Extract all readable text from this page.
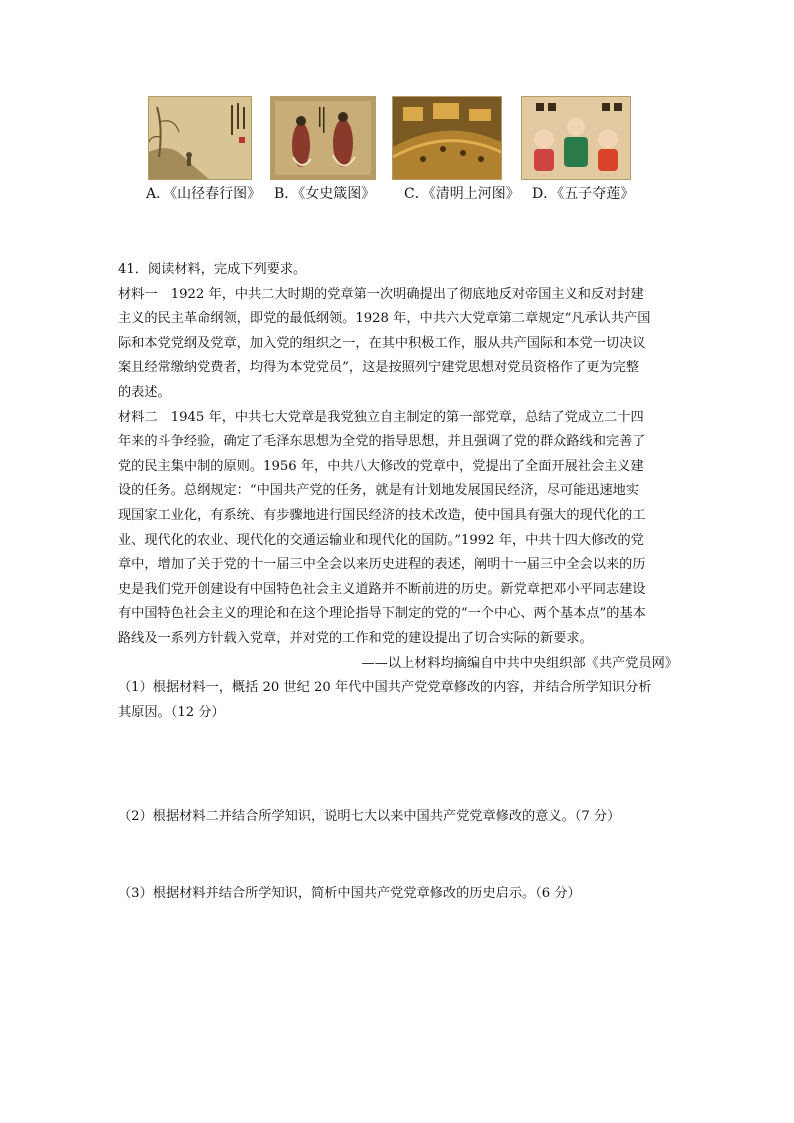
A．《山径春行图》 B．《女史箴图》 C．《清明上河图》 D．《五子夺莲》
41．阅读材料，完成下列要求。
材料一　1922 年，中共二大时期的党章第一次明确提出了彻底地反对帝国主义和反对封建
主义的民主革命纲领，即党的最低纲领。1928 年，中共六大党章第二章规定“凡承认共产国
际和本党党纲及党章，加入党的组织之一，在其中积极工作，服从共产国际和本党一切决议
案且经常缴纳党费者，均得为本党党员”，这是按照列宁建党思想对党员资格作了更为完整
的表述。
材料二　1945 年，中共七大党章是我党独立自主制定的第一部党章，总结了党成立二十四
年来的斗争经验，确定了毛泽东思想为全党的指导思想，并且强调了党的群众路线和完善了
党的民主集中制的原则。1956 年，中共八大修改的党章中，党提出了全面开展社会主义建
设的任务。总纲规定：“中国共产党的任务，就是有计划地发展国民经济，尽可能迅速地实
现国家工业化，有系统、有步骤地进行国民经济的技术改造，使中国具有强大的现代化的工
业、现代化的农业、现代化的交通运输业和现代化的国防。”1992 年，中共十四大修改的党
章中，增加了关于党的十一届三中全会以来历史进程的表述，阐明十一届三中全会以来的历
史是我们党开创建设有中国特色社会主义道路并不断前进的历史。新党章把邓小平同志建设
有中国特色社会主义的理论和在这个理论指导下制定的党的“一个中心、两个基本点”的基本
路线及一系列方针载入党章，并对党的工作和党的建设提出了切合实际的新要求。
——以上材料均摘编自中共中央组织部《共产党员网》
（1）根据材料一，概括 20 世纪 20 年代中国共产党党章修改的内容，并结合所学知识分析
其原因。（12 分）
（2）根据材料二并结合所学知识，说明七大以来中国共产党党章修改的意义。（7 分）
（3）根据材料并结合所学知识，简析中国共产党党章修改的历史启示。（6 分）
